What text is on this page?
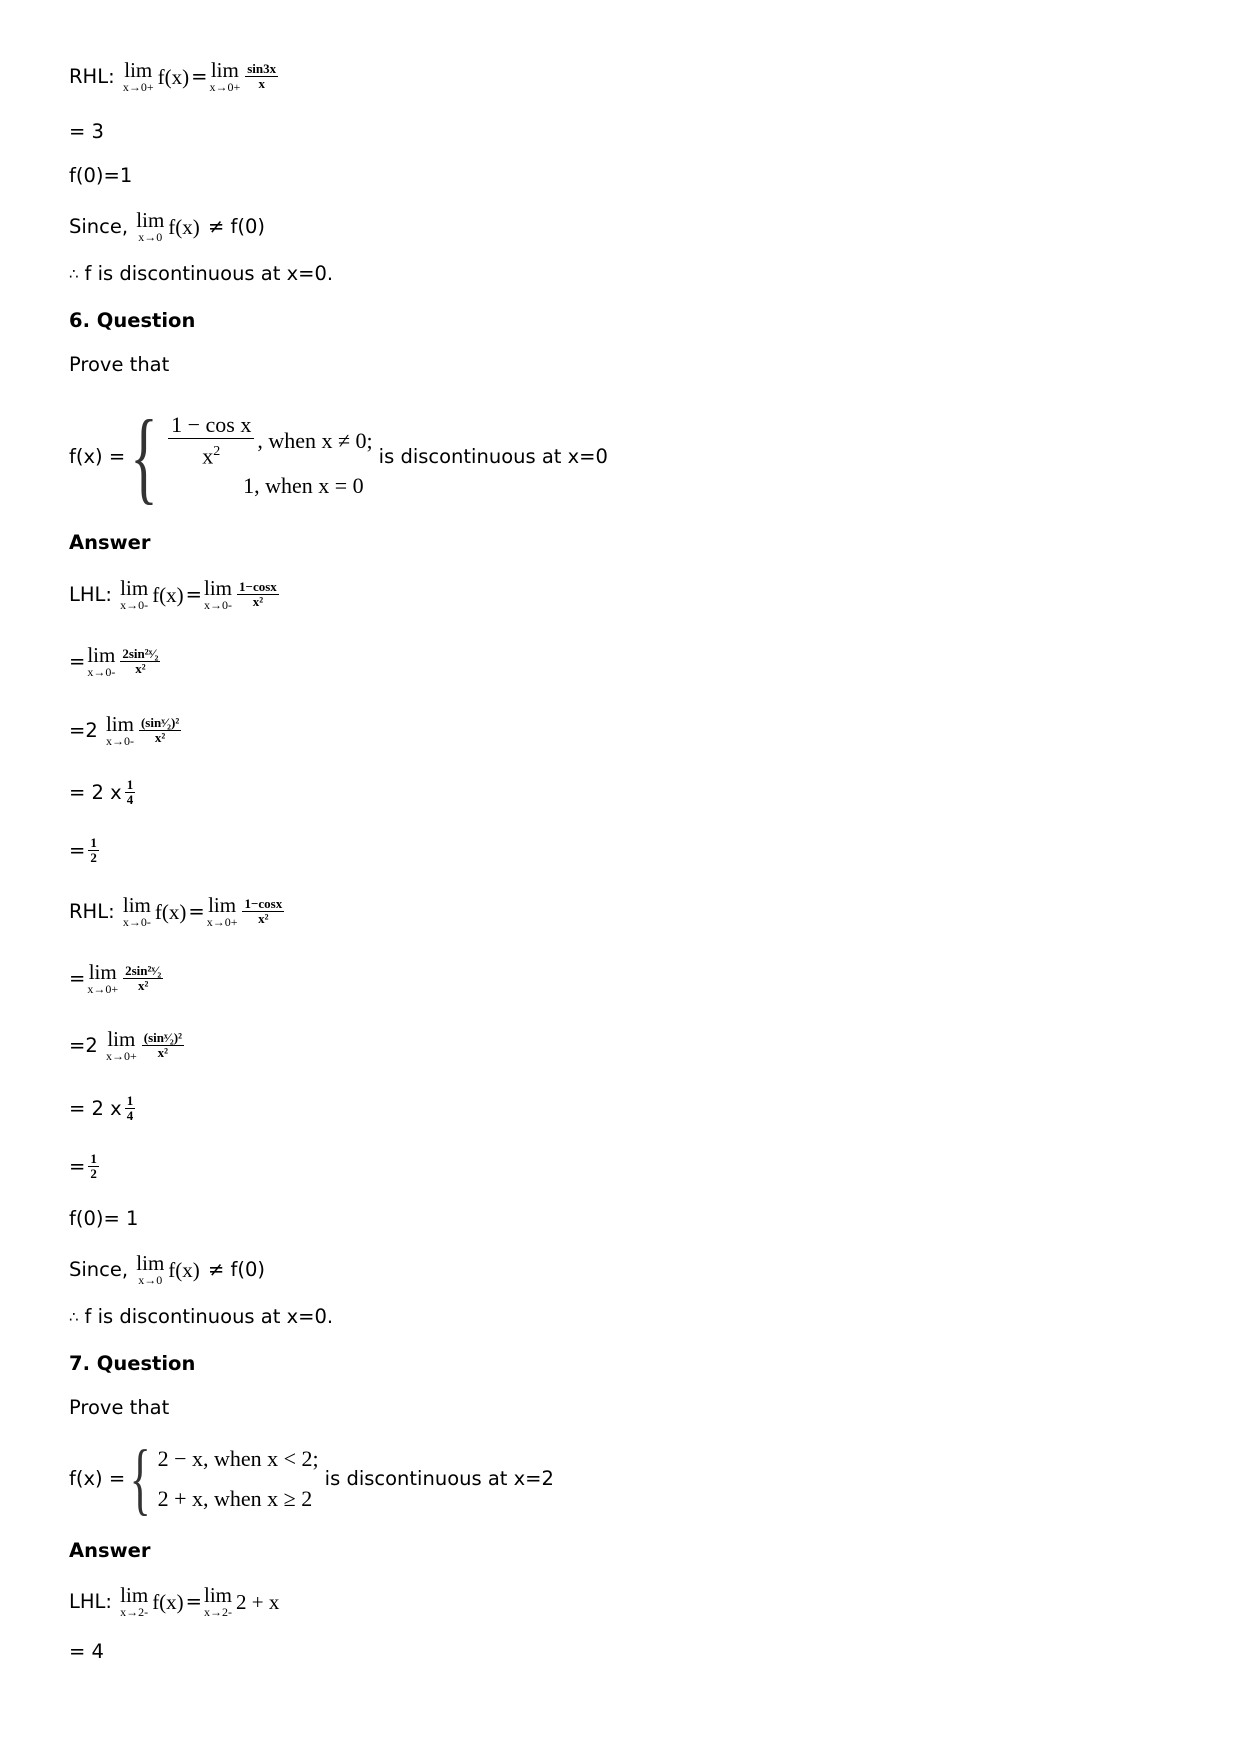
RHL:
lim
x→0+ f(x) = lim
$x\to 0+ \frac{\sin 3x}{x}$
= 3
f(0)=1
Since,
lim
x→0 f(x)
≠ f(0)
∴ f is discontinuous at x=0.
6. Question
Prove that
f(x) = { $\frac{\text{1 − cos x}}{x^2}$ , when x ≠ 0;
1, when x = 0
is discontinuous at x=0
Answer
LHL:
lim
x→0- f(x) = lim
$x\to 0- \frac{1-\cos x}{\text{x²}}$
= lim
$x\to 0- \frac{\text{2sin²ˣ⁄₂}}{\text{x²}}$
=2
lim
$x\to 0- \frac{\text{(sinˣ⁄₂)²}}{\text{x²}}$
= 2 x $\frac{1}{4}$
= $\frac{1}{2}$
RHL:
lim
x→0- f(x) = lim
$x\to 0+ \frac{1-\cos x}{\text{x²}}$
= lim
$x\to 0+ \frac{\text{2sin²ˣ⁄₂}}{\text{x²}}$
=2
lim
$x\to 0+ \frac{\text{(sinˣ⁄₂)²}}{\text{x²}}$
= 2 x $\frac{1}{4}$
= $\frac{1}{2}$
f(0)= 1
Since,
lim
x→0 f(x)
≠ f(0)
∴ f is discontinuous at x=0.
7. Question
Prove that
f(x) = { 2 − x, when x < 2;
2 + x, when x ≥ 2
is discontinuous at x=2
Answer
LHL:
lim
x→2- f(x) = lim
x→2- 2 + x
= 4
